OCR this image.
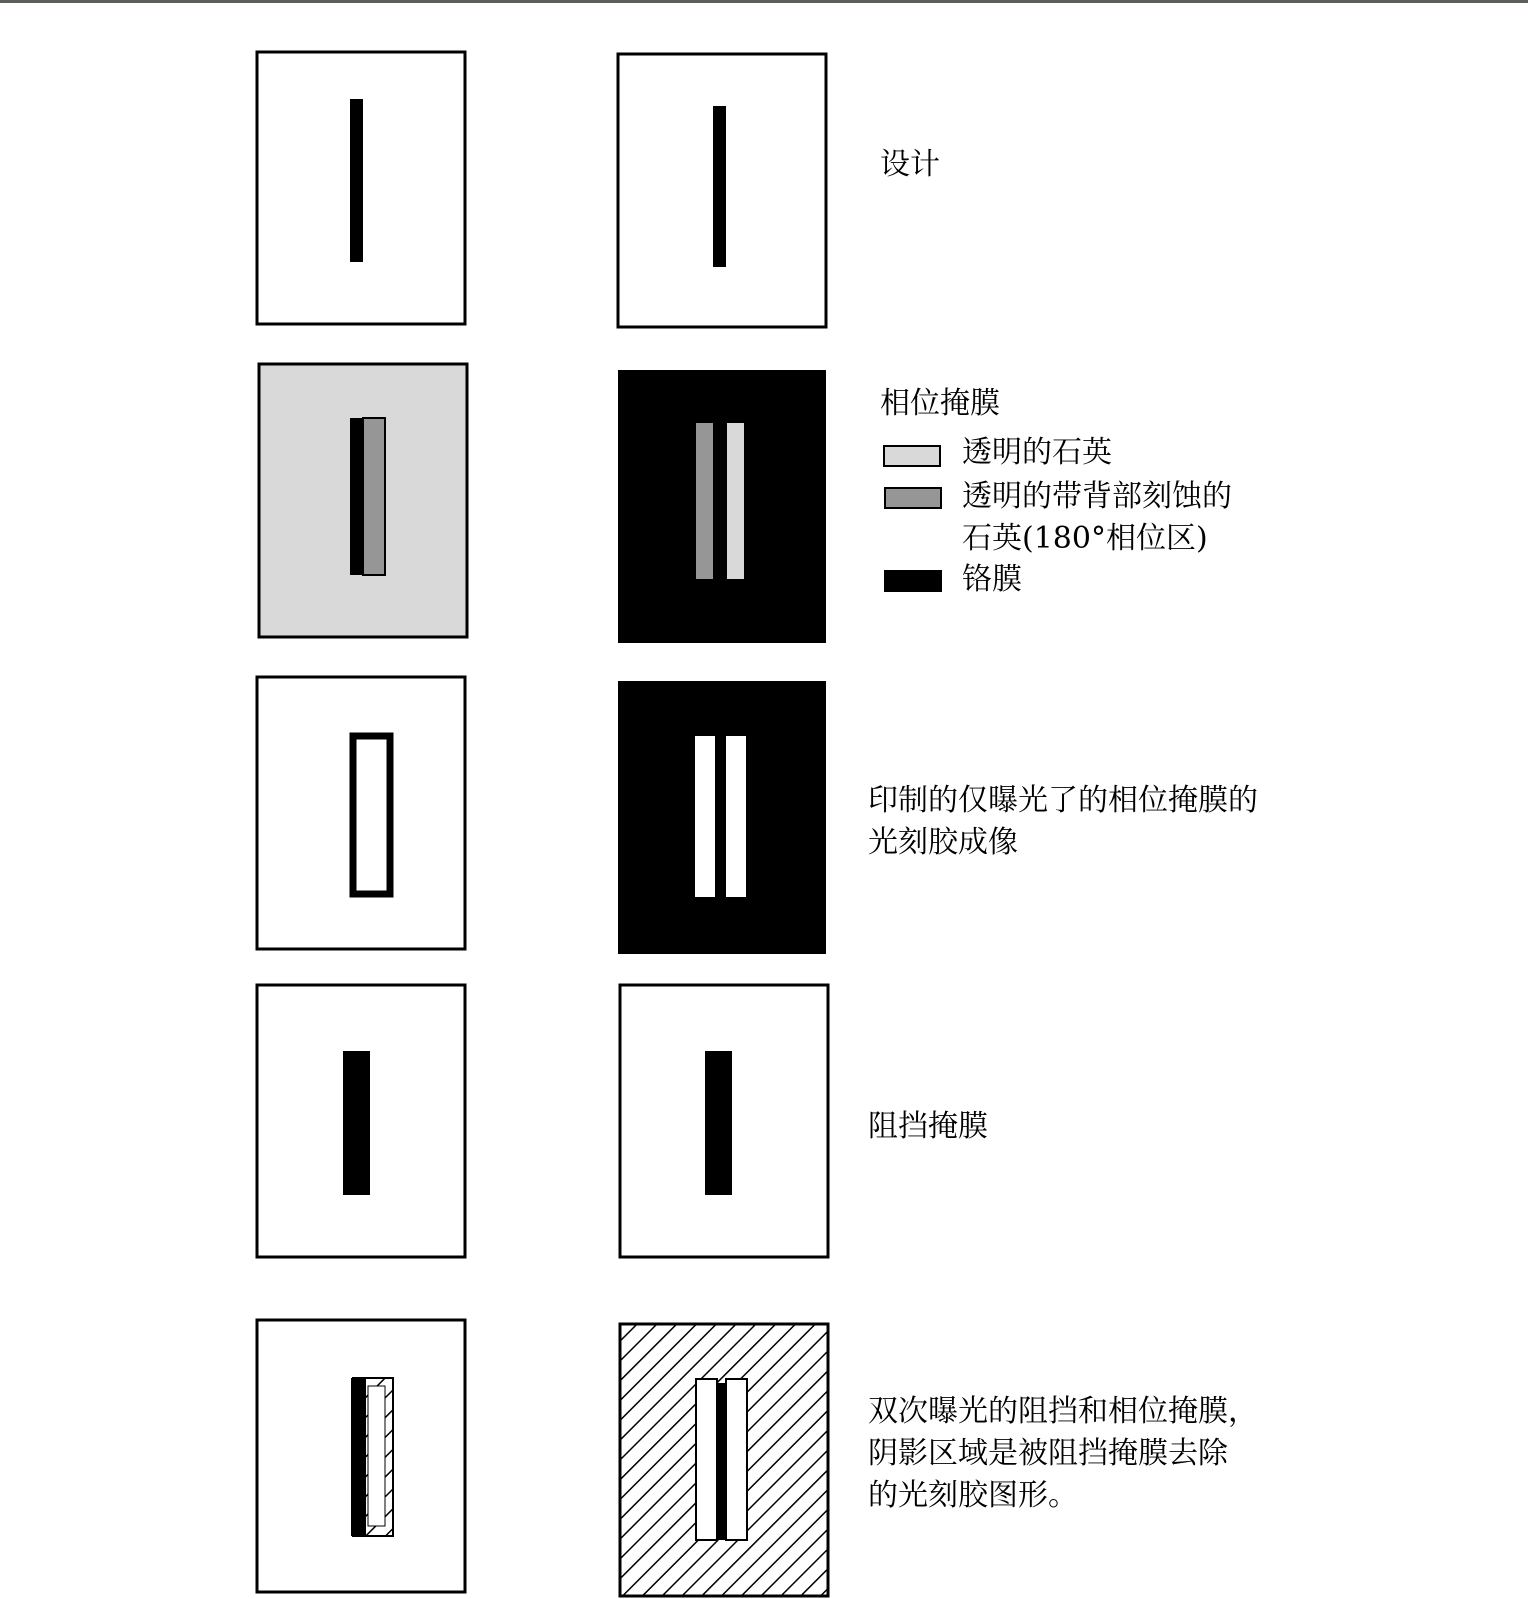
设计
相位掩膜
透明的石英
透明的带背部刻蚀的
石英(180°相位区)
铬膜
印制的仅曝光了的相位掩膜的
光刻胶成像
阻挡掩膜
双次曝光的阻挡和相位掩膜，
阴影区域是被阻挡掩膜去除
的光刻胶图形。
